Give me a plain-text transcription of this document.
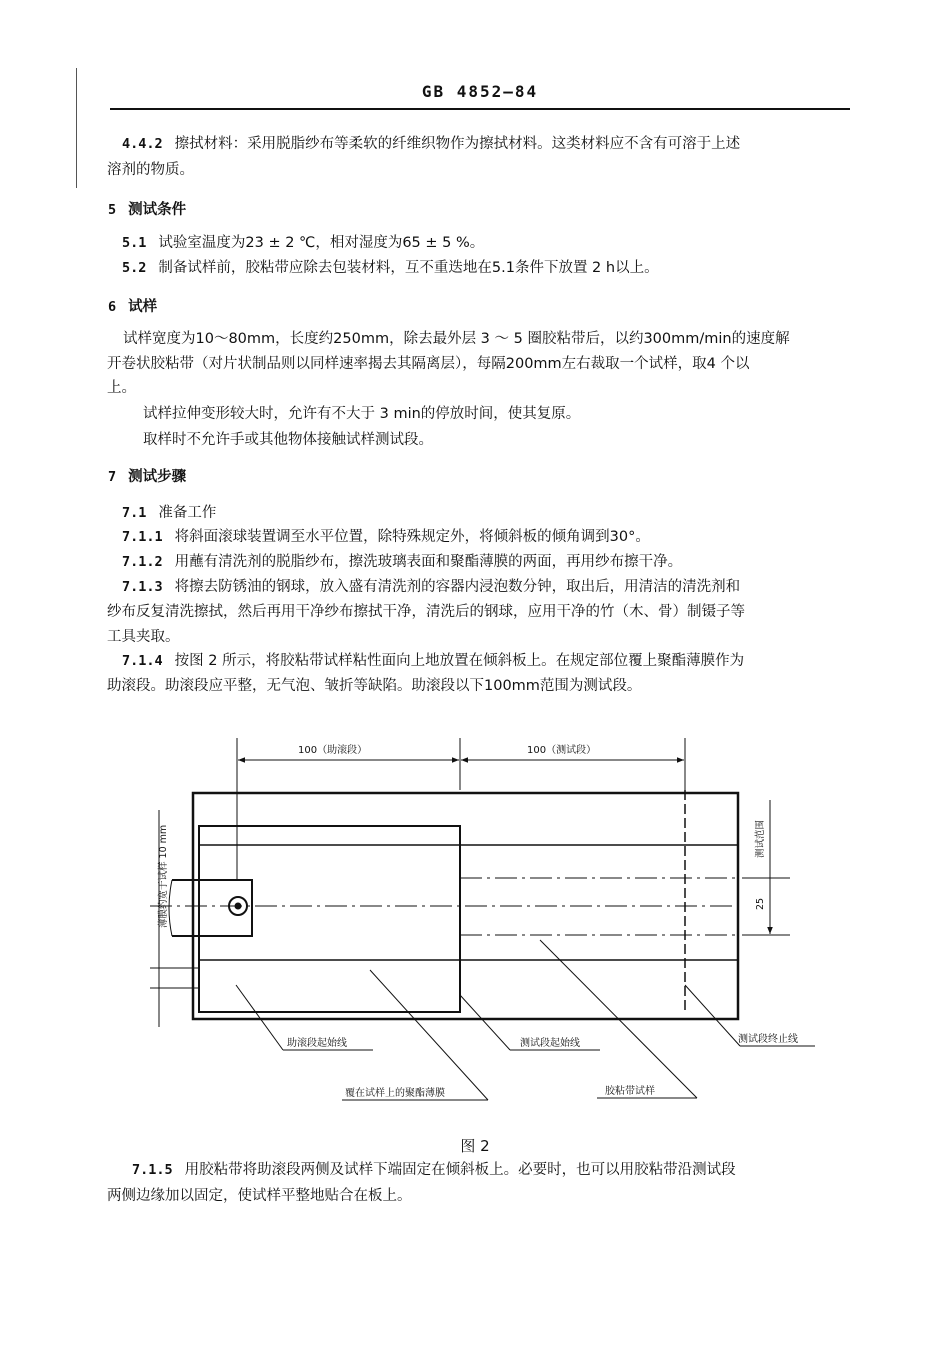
GB 4852—84
4.4.2 擦拭材料：采用脱脂纱布等柔软的纤维织物作为擦拭材料。这类材料应不含有可溶于上述
溶剂的物质。
5 测试条件
5.1 试验室温度为23 ± 2 ℃，相对湿度为65 ± 5 %。
5.2 制备试样前，胶粘带应除去包装材料，互不重迭地在5.1条件下放置 2 h以上。
6 试样
试样宽度为10～80mm，长度约250mm，除去最外层 3 ～ 5 圈胶粘带后，以约300mm/min的速度解
开卷状胶粘带（对片状制品则以同样速率揭去其隔离层），每隔200mm左右裁取一个试样，取4 个以
上。
试样拉伸变形较大时，允许有不大于 3 min的停放时间，使其复原。
取样时不允许手或其他物体接触试样测试段。
7 测试步骤
7.1 准备工作
7.1.1 将斜面滚球装置调至水平位置，除特殊规定外，将倾斜板的倾角调到30°。
7.1.2 用蘸有清洗剂的脱脂纱布，擦洗玻璃表面和聚酯薄膜的两面，再用纱布擦干净。
7.1.3 将擦去防锈油的钢球，放入盛有清洗剂的容器内浸泡数分钟，取出后，用清洁的清洗剂和
纱布反复清洗擦拭，然后再用干净纱布擦拭干净，清洗后的钢球，应用干净的竹（木、骨）制镊子等
工具夹取。
7.1.4 按图 2 所示，将胶粘带试样粘性面向上地放置在倾斜板上。在规定部位覆上聚酯薄膜作为
助滚段。助滚段应平整，无气泡、皱折等缺陷。助滚段以下100mm范围为测试段。
100（助滚段）	100（测试段）
薄膜约宽于试样 10 mm	测试范围
25
助滚段起始线	测试段起始线	测试段终止线
覆在试样上的聚酯薄膜	胶粘带试样
图 2
7.1.5 用胶粘带将助滚段两侧及试样下端固定在倾斜板上。必要时，也可以用胶粘带沿测试段
两侧边缘加以固定，使试样平整地贴合在板上。
